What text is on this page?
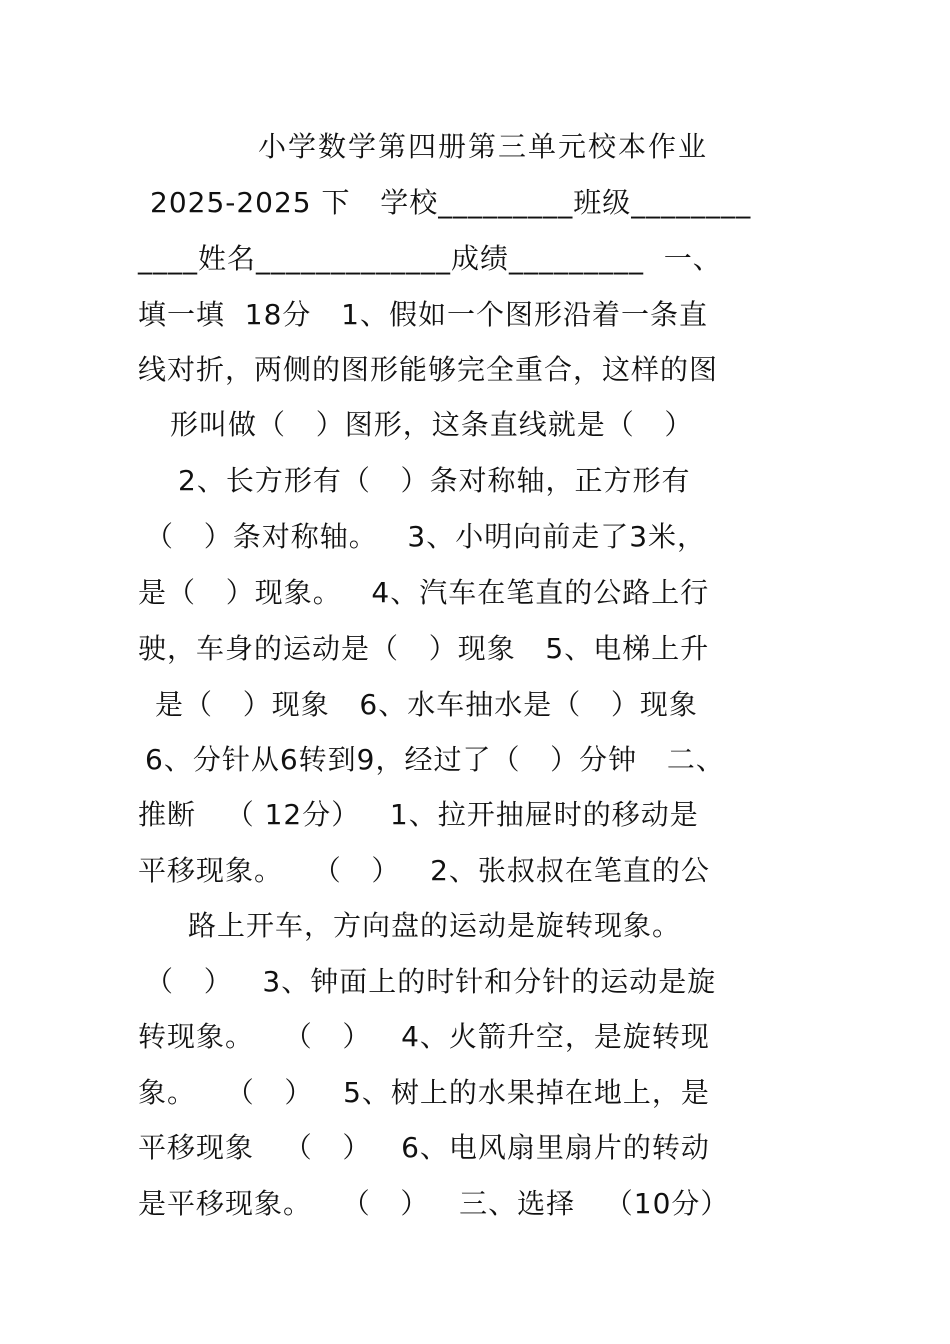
小学数学第四册第三单元校本作业
2025-2025 下   学校_________班级________
____姓名_____________成绩_________  一、
填一填  18分   1、假如一个图形沿着一条直
线对折，两侧的图形能够完全重合，这样的图
形叫做（   ）图形，这条直线就是（   ）
2、长方形有（   ）条对称轴，正方形有
（   ）条对称轴。   3、小明向前走了3米，
是（   ）现象。   4、汽车在笔直的公路上行
驶，车身的运动是（   ）现象   5、电梯上升
是（   ）现象   6、水车抽水是（   ）现象
6、分针从6转到9，经过了（   ）分钟   二、
推断   （ 12分）   1、拉开抽屉时的移动是
平移现象。   （   ）   2、张叔叔在笔直的公
路上开车，方向盘的运动是旋转现象。
（   ）   3、钟面上的时针和分针的运动是旋
转现象。   （   ）   4、火箭升空，是旋转现
象。   （   ）   5、树上的水果掉在地上，是
平移现象   （   ）   6、电风扇里扇片的转动
是平移现象。   （   ）   三、选择   （10分）
